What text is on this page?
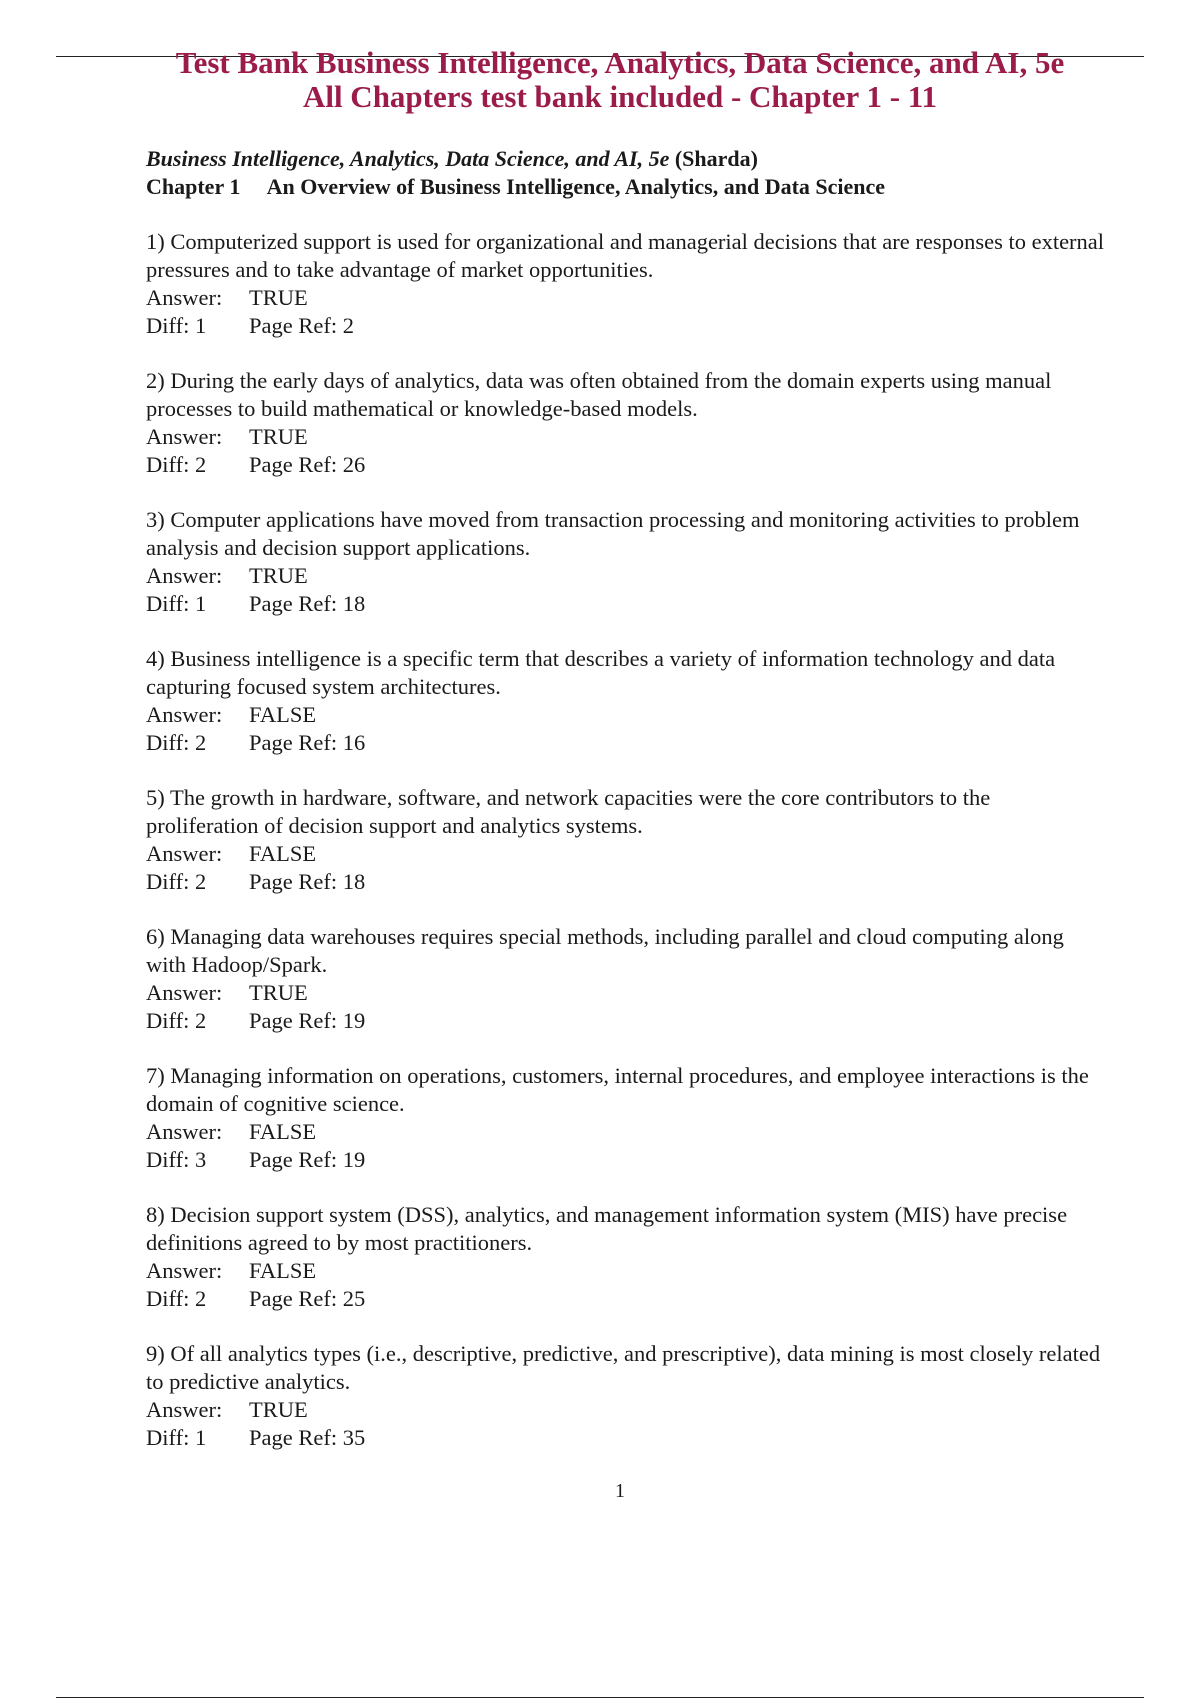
Test Bank Business Intelligence, Analytics, Data Science, and AI, 5e
All Chapters test bank included - Chapter 1 - 11
Business Intelligence, Analytics, Data Science, and AI, 5e (Sharda)
Chapter 1 An Overview of Business Intelligence, Analytics, and Data Science

1) Computerized support is used for organizational and managerial decisions that are responses to external pressures and to take advantage of market opportunities.

Answer:	TRUE
Diff: 1	Page Ref: 2

2) During the early days of analytics, data was often obtained from the domain experts using manual processes to build mathematical or knowledge-based models.

Answer:	TRUE
Diff: 2	Page Ref: 26

3) Computer applications have moved from transaction processing and monitoring activities to problem analysis and decision support applications.

Answer:	TRUE
Diff: 1	Page Ref: 18

4) Business intelligence is a specific term that describes a variety of information technology and data capturing focused system architectures.

Answer:	FALSE
Diff: 2	Page Ref: 16

5) The growth in hardware, software, and network capacities were the core contributors to the proliferation of decision support and analytics systems.

Answer:	FALSE
Diff: 2	Page Ref: 18

6) Managing data warehouses requires special methods, including parallel and cloud computing along with Hadoop/Spark.

Answer:	TRUE
Diff: 2	Page Ref: 19

7) Managing information on operations, customers, internal procedures, and employee interactions is the domain of cognitive science.

Answer:	FALSE
Diff: 3	Page Ref: 19

8) Decision support system (DSS), analytics, and management information system (MIS) have precise definitions agreed to by most practitioners.

Answer:	FALSE
Diff: 2	Page Ref: 25

9) Of all analytics types (i.e., descriptive, predictive, and prescriptive), data mining is most closely related to predictive analytics.

Answer:	TRUE
Diff: 1	Page Ref: 35
1
